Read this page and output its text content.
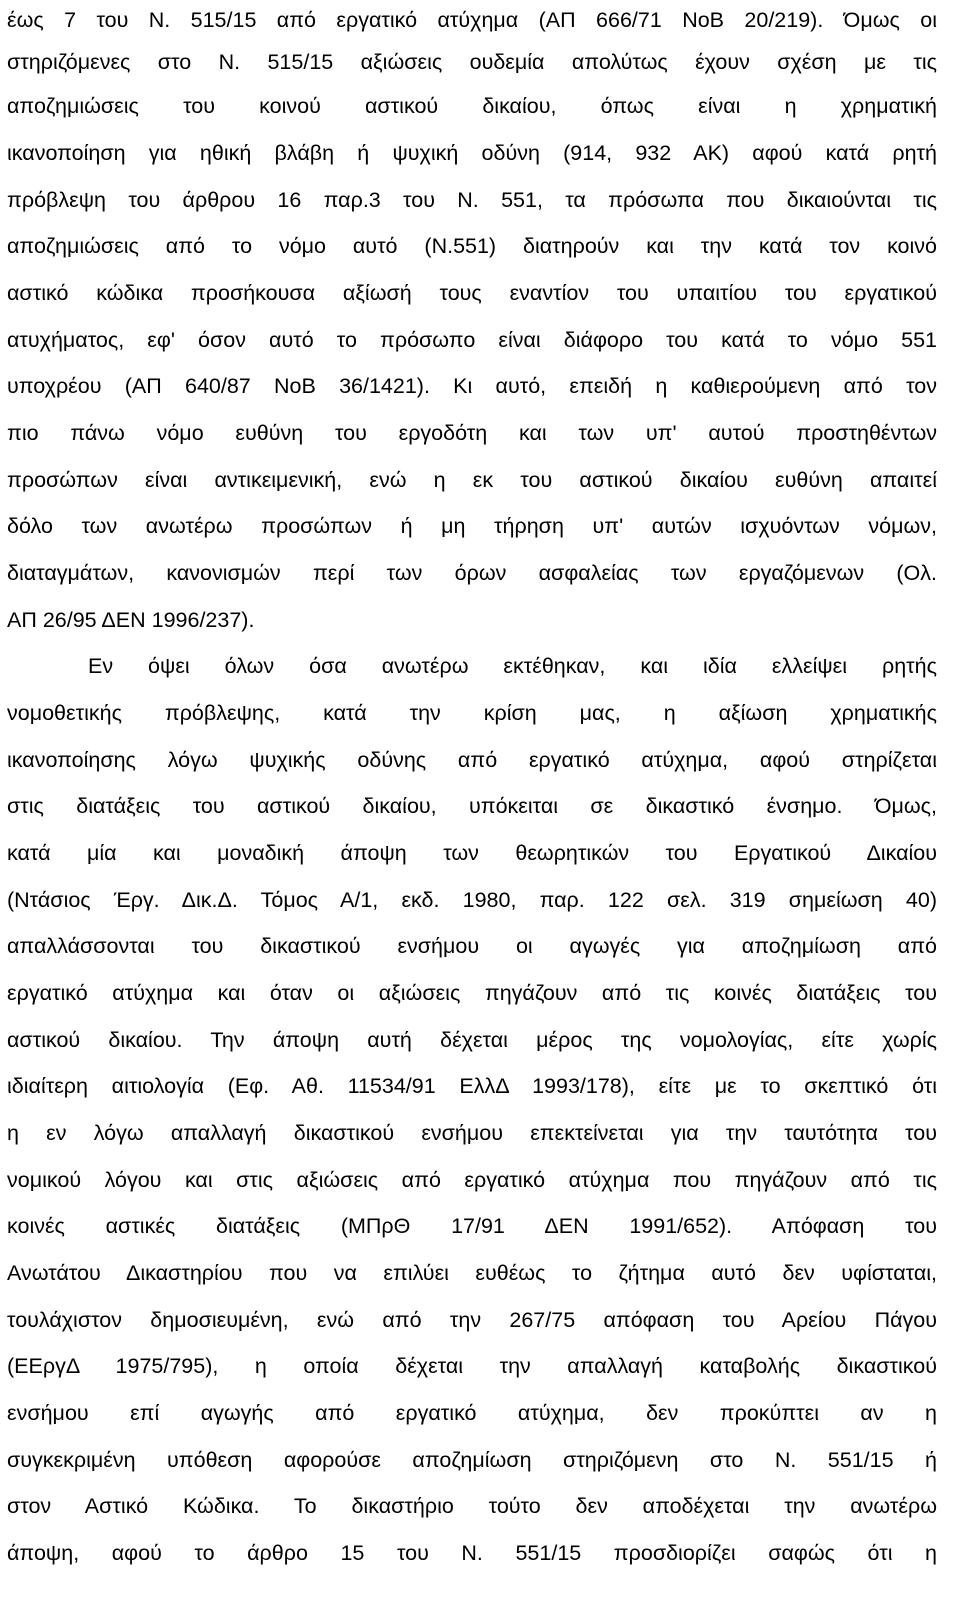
έως 7 του Ν. 515/15 από εργατικό ατύχημα (ΑΠ 666/71 ΝοΒ 20/219). Όμως οι
στηριζόμενες στο Ν. 515/15 αξιώσεις ουδεμία απολύτως έχουν σχέση με τις
αποζημιώσεις του κοινού αστικού δικαίου, όπως είναι η χρηματική
ικανοποίηση για ηθική βλάβη ή ψυχική οδύνη (914, 932 ΑΚ) αφού κατά ρητή
πρόβλεψη του άρθρου 16 παρ.3 του Ν. 551, τα πρόσωπα που δικαιούνται τις
αποζημιώσεις από το νόμο αυτό (Ν.551) διατηρούν και την κατά τον κοινό
αστικό κώδικα προσήκουσα αξίωσή τους εναντίον του υπαιτίου του εργατικού
ατυχήματος, εφ' όσον αυτό το πρόσωπο είναι διάφορο του κατά το νόμο 551
υποχρέου (ΑΠ 640/87 ΝοΒ 36/1421). Κι αυτό, επειδή η καθιερούμενη από τον
πιο πάνω νόμο ευθύνη του εργοδότη και των υπ' αυτού προστηθέντων
προσώπων είναι αντικειμενική, ενώ η εκ του αστικού δικαίου ευθύνη απαιτεί
δόλο των ανωτέρω προσώπων ή μη τήρηση υπ' αυτών ισχυόντων νόμων,
διαταγμάτων, κανονισμών περί των όρων ασφαλείας των εργαζόμενων (Ολ.
ΑΠ 26/95 ΔΕΝ 1996/237).
Εν όψει όλων όσα ανωτέρω εκτέθηκαν, και ιδία ελλείψει ρητής
νομοθετικής πρόβλεψης, κατά την κρίση μας, η αξίωση χρηματικής
ικανοποίησης λόγω ψυχικής οδύνης από εργατικό ατύχημα, αφού στηρίζεται
στις διατάξεις του αστικού δικαίου, υπόκειται σε δικαστικό ένσημο. Όμως,
κατά μία και μοναδική άποψη των θεωρητικών του Εργατικού Δικαίου
(Ντάσιος Έργ. Δικ.Δ. Τόμος Α/1, εκδ. 1980, παρ. 122 σελ. 319 σημείωση 40)
απαλλάσσονται του δικαστικού ενσήμου οι αγωγές για αποζημίωση από
εργατικό ατύχημα και όταν οι αξιώσεις πηγάζουν από τις κοινές διατάξεις του
αστικού δικαίου. Την άποψη αυτή δέχεται μέρος της νομολογίας, είτε χωρίς
ιδιαίτερη αιτιολογία (Εφ. Αθ. 11534/91 ΕλλΔ 1993/178), είτε με το σκεπτικό ότι
η εν λόγω απαλλαγή δικαστικού ενσήμου επεκτείνεται για την ταυτότητα του
νομικού λόγου και στις αξιώσεις από εργατικό ατύχημα που πηγάζουν από τις
κοινές αστικές διατάξεις (ΜΠρΘ 17/91 ΔΕΝ 1991/652). Απόφαση του
Ανωτάτου Δικαστηρίου που να επιλύει ευθέως το ζήτημα αυτό δεν υφίσταται,
τουλάχιστον δημοσιευμένη, ενώ από την 267/75 απόφαση του Αρείου Πάγου
(ΕΕργΔ 1975/795), η οποία δέχεται την απαλλαγή καταβολής δικαστικού
ενσήμου επί αγωγής από εργατικό ατύχημα, δεν προκύπτει αν η
συγκεκριμένη υπόθεση αφορούσε αποζημίωση στηριζόμενη στο Ν. 551/15 ή
στον Αστικό Κώδικα. Το δικαστήριο τούτο δεν αποδέχεται την ανωτέρω
άποψη, αφού το άρθρο 15 του Ν. 551/15 προσδιορίζει σαφώς ότι η
